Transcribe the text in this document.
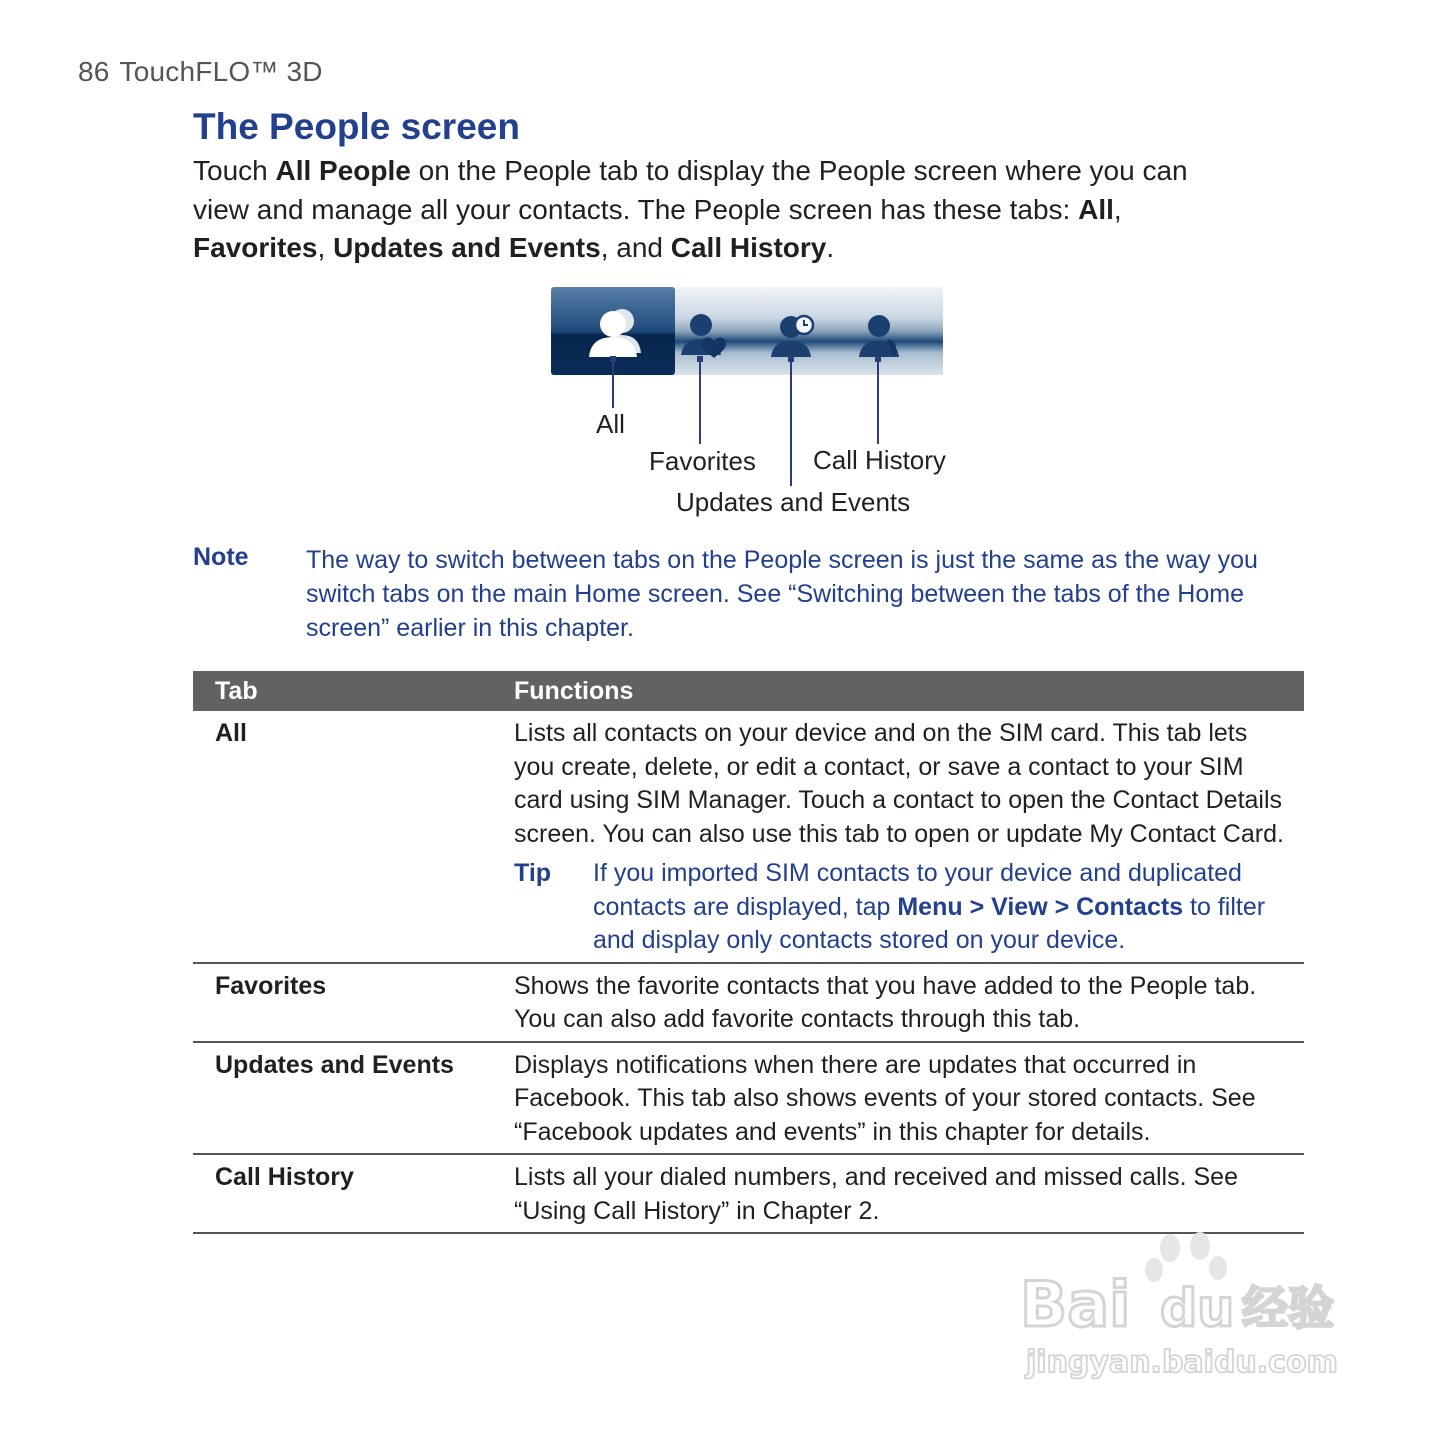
86 TouchFLO™ 3D
The People screen

Touch All People on the People tab to display the People screen where you can view and manage all your contacts. The People screen has these tabs: All, Favorites, Updates and Events, and Call History.

All
Favorites Call History
Updates and Events
Note The way to switch between tabs on the People screen is just the same as the way you switch tabs on the main Home screen. See “Switching between the tabs of the Home screen” earlier in this chapter.
Tab	Functions
All	Lists all contacts on your device and on the SIM card. This tab lets you create, delete, or edit a contact, or save a contact to your SIM card using SIM Manager. Touch a contact to open the Contact Details screen. You can also use this tab to open or update My Contact Card.
Tip If you imported SIM contacts to your device and duplicated contacts are displayed, tap Menu > View > Contacts to filter and display only contacts stored on your device.

Favorites	Shows the favorite contacts that you have added to the People tab. You can also add favorite contacts through this tab.
Updates and Events	Displays notifications when there are updates that occurred in Facebook. This tab also shows events of your stored contacts. See “Facebook updates and events” in this chapter for details.
Call History	Lists all your dialed numbers, and received and missed calls. See “Using Call History” in Chapter 2.
Bai du 经验
jingyan.baidu.com
